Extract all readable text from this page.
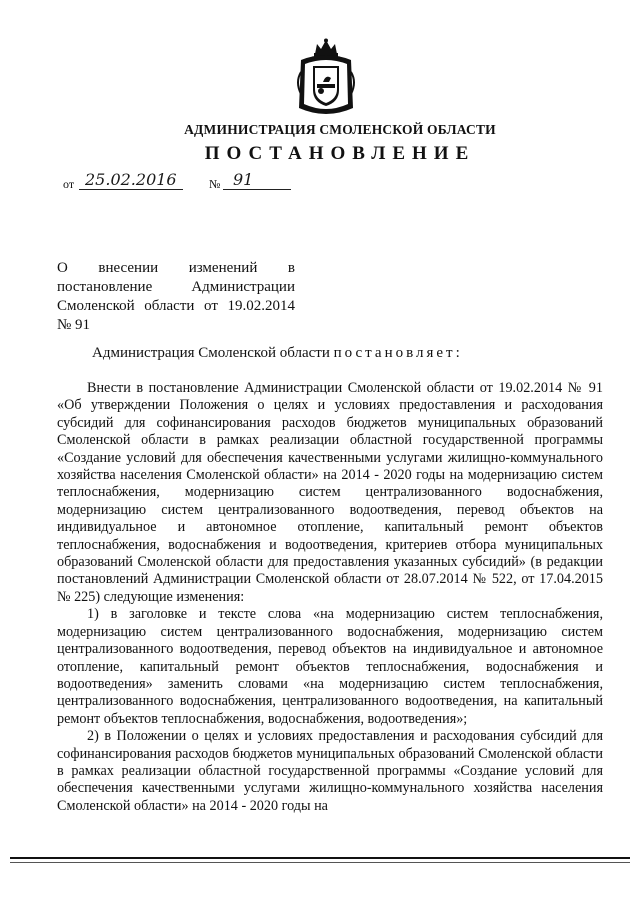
АДМИНИСТРАЦИЯ СМОЛЕНСКОЙ ОБЛАСТИ
ПОСТАНОВЛЕНИЕ
от 25.02.2016	№ 91
О внесении изменений в постановление Администрации Смоленской области от 19.02.2014 № 91
Администрация Смоленской области постановляет:

Внести в постановление Администрации Смоленской области от 19.02.2014 № 91 «Об утверждении Положения о целях и условиях предоставления и расходования субсидий для софинансирования расходов бюджетов муниципальных образований Смоленской области в рамках реализации областной государственной программы «Создание условий для обеспечения качественными услугами жилищно-коммунального хозяйства населения Смоленской области» на 2014 - 2020 годы на модернизацию систем теплоснабжения, модернизацию систем централизованного водоснабжения, модернизацию систем централизованного водоотведения, перевод объектов на индивидуальное и автономное отопление, капитальный ремонт объектов теплоснабжения, водоснабжения и водоотведения, критериев отбора муниципальных образований Смоленской области для предоставления указанных субсидий» (в редакции постановлений Администрации Смоленской области от 28.07.2014 № 522, от 17.04.2015 № 225) следующие изменения:

1) в заголовке и тексте слова «на модернизацию систем теплоснабжения, модернизацию систем централизованного водоснабжения, модернизацию систем централизованного водоотведения, перевод объектов на индивидуальное и автономное отопление, капитальный ремонт объектов теплоснабжения, водоснабжения и водоотведения» заменить словами «на модернизацию систем теплоснабжения, централизованного водоснабжения, централизованного водоотведения, на капитальный ремонт объектов теплоснабжения, водоснабжения, водоотведения»;

2) в Положении о целях и условиях предоставления и расходования субсидий для софинансирования расходов бюджетов муниципальных образований Смоленской области в рамках реализации областной государственной программы «Создание условий для обеспечения качественными услугами жилищно-коммунального хозяйства населения Смоленской области» на 2014 - 2020 годы на
